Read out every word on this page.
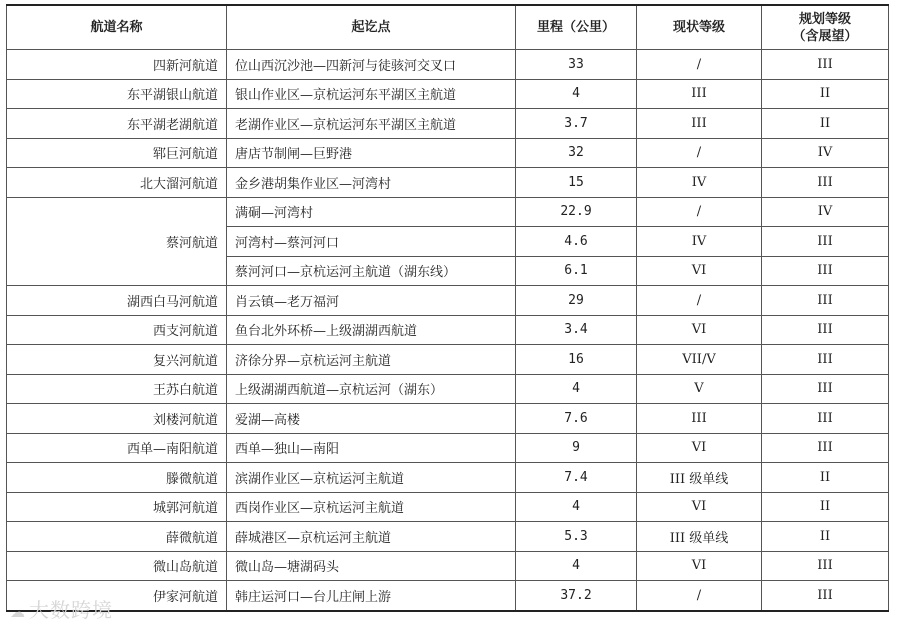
航道名称	起讫点	里程（公里）	现状等级	规划等级
（含展望）

四新河航道	位山西沉沙池—四新河与徒骇河交叉口	33	/	III
东平湖银山航道	银山作业区—京杭运河东平湖区主航道	4	III	II
东平湖老湖航道	老湖作业区—京杭运河东平湖区主航道	3.7	III	II
郓巨河航道	唐店节制闸—巨野港	32	/	IV
北大溜河航道	金乡港胡集作业区—河湾村	15	IV	III
蔡河航道	满硐—河湾村	22.9	/	IV
	河湾村—蔡河河口	4.6	IV	III
	蔡河河口—京杭运河主航道（湖东线）	6.1	VI	III
湖西白马河航道	肖云镇—老万福河	29	/	III
西支河航道	鱼台北外环桥—上级湖湖西航道	3.4	VI	III
复兴河航道	济徐分界—京杭运河主航道	16	VII/V	III
王苏白航道	上级湖湖西航道—京杭运河（湖东）	4	V	III
刘楼河航道	爱湖—高楼	7.6	III	III
西单—南阳航道	西单—独山—南阳	9	VI	III
滕微航道	滨湖作业区—京杭运河主航道	7.4	III 级单线	II
城郭河航道	西岗作业区—京杭运河主航道	4	VI	II
薛微航道	薛城港区—京杭运河主航道	5.3	III 级单线	II
微山岛航道	微山岛—塘湖码头	4	VI	III
伊家河航道	韩庄运河口—台儿庄闸上游	37.2	/	III
☁ 大数跨境
